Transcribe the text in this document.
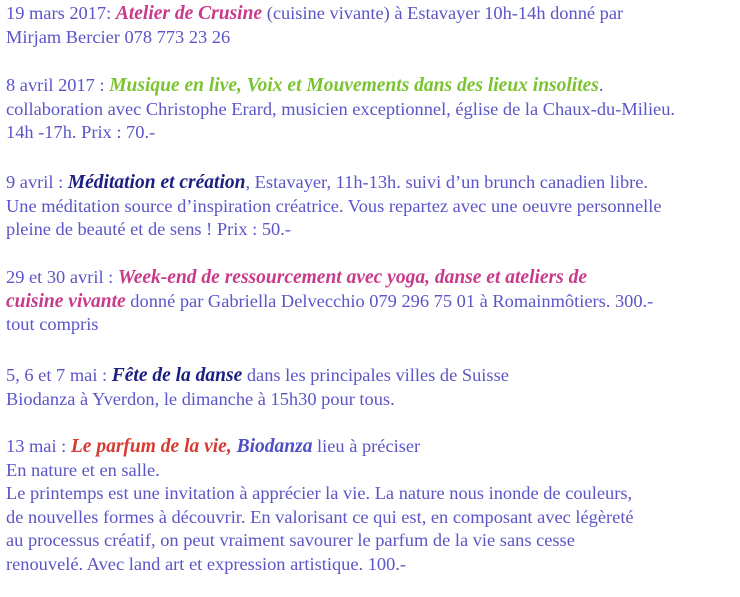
19 mars 2017: Atelier de Crusine (cuisine vivante) à Estavayer 10h-14h donné par
Mirjam Bercier 078 773 23 26

8 avril 2017 : Musique en live, Voix et Mouvements dans des lieux insolites.
collaboration avec Christophe Erard, musicien exceptionnel, église de la Chaux-du-Milieu.
14h -17h. Prix : 70.-

9 avril : Méditation et création, Estavayer, 11h-13h. suivi d’un brunch canadien libre.
Une méditation source d’inspiration créatrice. Vous repartez avec une oeuvre personnelle
pleine de beauté et de sens ! Prix : 50.-

29 et 30 avril : Week-end de ressourcement avec yoga, danse et ateliers de
cuisine vivante donné par Gabriella Delvecchio 079 296 75 01 à Romainmôtiers. 300.-
tout compris

5, 6 et 7 mai : Fête de la danse dans les principales villes de Suisse
Biodanza à Yverdon, le dimanche à 15h30 pour tous.

13 mai : Le parfum de la vie, Biodanza lieu à préciser
En nature et en salle.
Le printemps est une invitation à apprécier la vie. La nature nous inonde de couleurs,
de nouvelles formes à découvrir. En valorisant ce qui est, en composant avec légèreté
au processus créatif, on peut vraiment savourer le parfum de la vie sans cesse
renouvelé. Avec land art et expression artistique. 100.-
